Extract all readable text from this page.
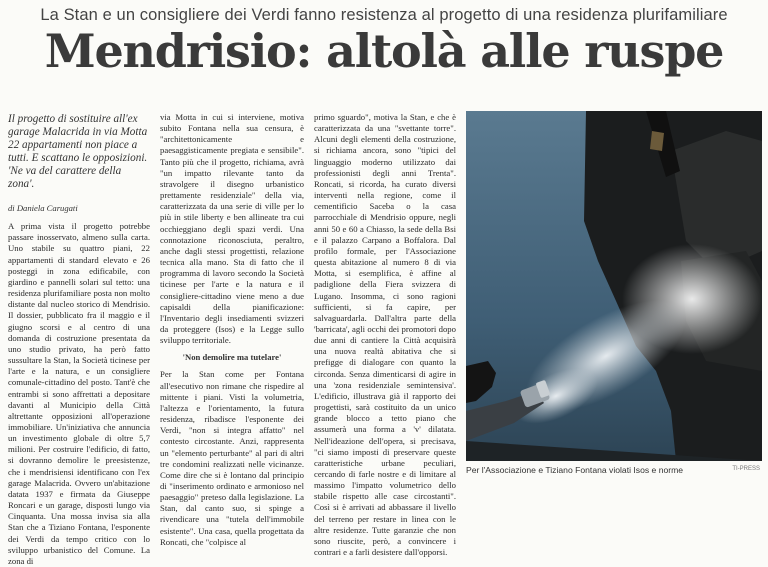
La Stan e un consigliere dei Verdi fanno resistenza al progetto di una residenza plurifamiliare
Mendrisio: altolà alle ruspe

Il progetto di sostituire all'ex garage Malacrida in via Motta 22 appartamenti non piace a tutti. E scattano le opposizioni. 'Ne va del carattere della zona'.

di Daniela Carugati

A prima vista il progetto potrebbe passare inosservato, almeno sulla carta. Uno stabile su quattro piani, 22 appartamenti di standard elevato e 26 posteggi in zona edificabile, con giardino e pannelli solari sul tetto: una residenza plurifamiliare posta non molto distante dal nucleo storico di Mendrisio. Il dossier, pubblicato fra il maggio e il giugno scorsi e al centro di una domanda di costruzione presentata da uno studio privato, ha però fatto sussultare la Stan, la Società ticinese per l'arte e la natura, e un consigliere comunale-cittadino del posto. Tant'è che entrambi si sono affrettati a depositare davanti al Municipio della Città altrettante opposizioni all'operazione immobiliare. Un'iniziativa che annuncia un investimento globale di oltre 5,7 milioni. Per costruire l'edificio, di fatto, si dovranno demolire le preesistenze, che i mendrisiensi identificano con l'ex garage Malacrida. Ovvero un'abitazione datata 1937 e firmata da Giuseppe Roncari e un garage, disposti lungo via Cinquanta. Una mossa invisa sia alla Stan che a Tiziano Fontana, l'esponente dei Verdi da tempo critico con lo sviluppo urbanistico del Comune. La zona di

via Motta in cui si interviene, motiva subito Fontana nella sua censura, è "architettonicamente e paesaggisticamente pregiata e sensibile". Tanto più che il progetto, richiama, avrà "un impatto rilevante tanto da stravolgere il disegno urbanistico prettamente residenziale" della via, caratterizzata da una serie di ville per lo più in stile liberty e ben allineate tra cui occhieggiano degli spazi verdi. Una connotazione riconosciuta, peraltro, anche dagli stessi progettisti, relazione tecnica alla mano. Sta di fatto che il programma di lavoro secondo la Società ticinese per l'arte e la natura e il consigliere-cittadino viene meno a due capisaldi della pianificazione: l'Inventario degli insediamenti svizzeri da proteggere (Isos) e la Legge sullo sviluppo territoriale.

'Non demolire ma tutelare'

Per la Stan come per Fontana all'esecutivo non rimane che rispedire al mittente i piani. Visti la volumetria, l'altezza e l'orientamento, la futura residenza, ribadisce l'esponente dei Verdi, "non si integra affatto" nel contesto circostante. Anzi, rappresenta un "elemento perturbante" al pari di altri tre condomini realizzati nelle vicinanze. Come dire che si è lontano dal principio di "inserimento ordinato e armonioso nel paesaggio" preteso dalla legislazione. La Stan, dal canto suo, si spinge a rivendicare una "tutela dell'immobile esistente". Una casa, quella progettata da Roncati, che "colpisce al

primo sguardo", motiva la Stan, e che è caratterizzata da una "svettante torre". Alcuni degli elementi della costruzione, si richiama ancora, sono "tipici del linguaggio moderno utilizzato dai professionisti degli anni Trenta". Roncati, si ricorda, ha curato diversi interventi nella regione, come il cementificio Saceba o la casa parrocchiale di Mendrisio oppure, negli anni 50 e 60 a Chiasso, la sede della Bsi e il palazzo Carpano a Boffalora. Dal profilo formale, per l'Associazione questa abitazione al numero 8 di via Motta, si esemplifica, è affine al padiglione della Fiera svizzera di Lugano. Insomma, ci sono ragioni sufficienti, si fa capire, per salvaguardarla. Dall'altra parte della 'barricata', agli occhi dei promotori dopo due anni di cantiere la Città acquisirà una nuova realtà abitativa che si prefigge di dialogare con quanto la circonda. Senza dimenticarsi di agire in una 'zona residenziale semintensiva'. L'edificio, illustrava già il rapporto dei progettisti, sarà costituito da un unico grande blocco a tetto piano che assumerà una forma a 'v' dilatata. Nell'ideazione dell'opera, si precisava, "ci siamo imposti di preservare queste caratteristiche urbane peculiari, cercando di farle nostre e di limitare al massimo l'impatto volumetrico dello stabile rispetto alle case circostanti". Così si è arrivati ad abbassare il livello del terreno per restare in linea con le altre residenze. Tutte garanzie che non sono riuscite, però, a convincere i contrari e a farli desistere dall'opporsi.

Per l'Associazione e Tiziano Fontana violati Isos e norme	TI-PRESS
